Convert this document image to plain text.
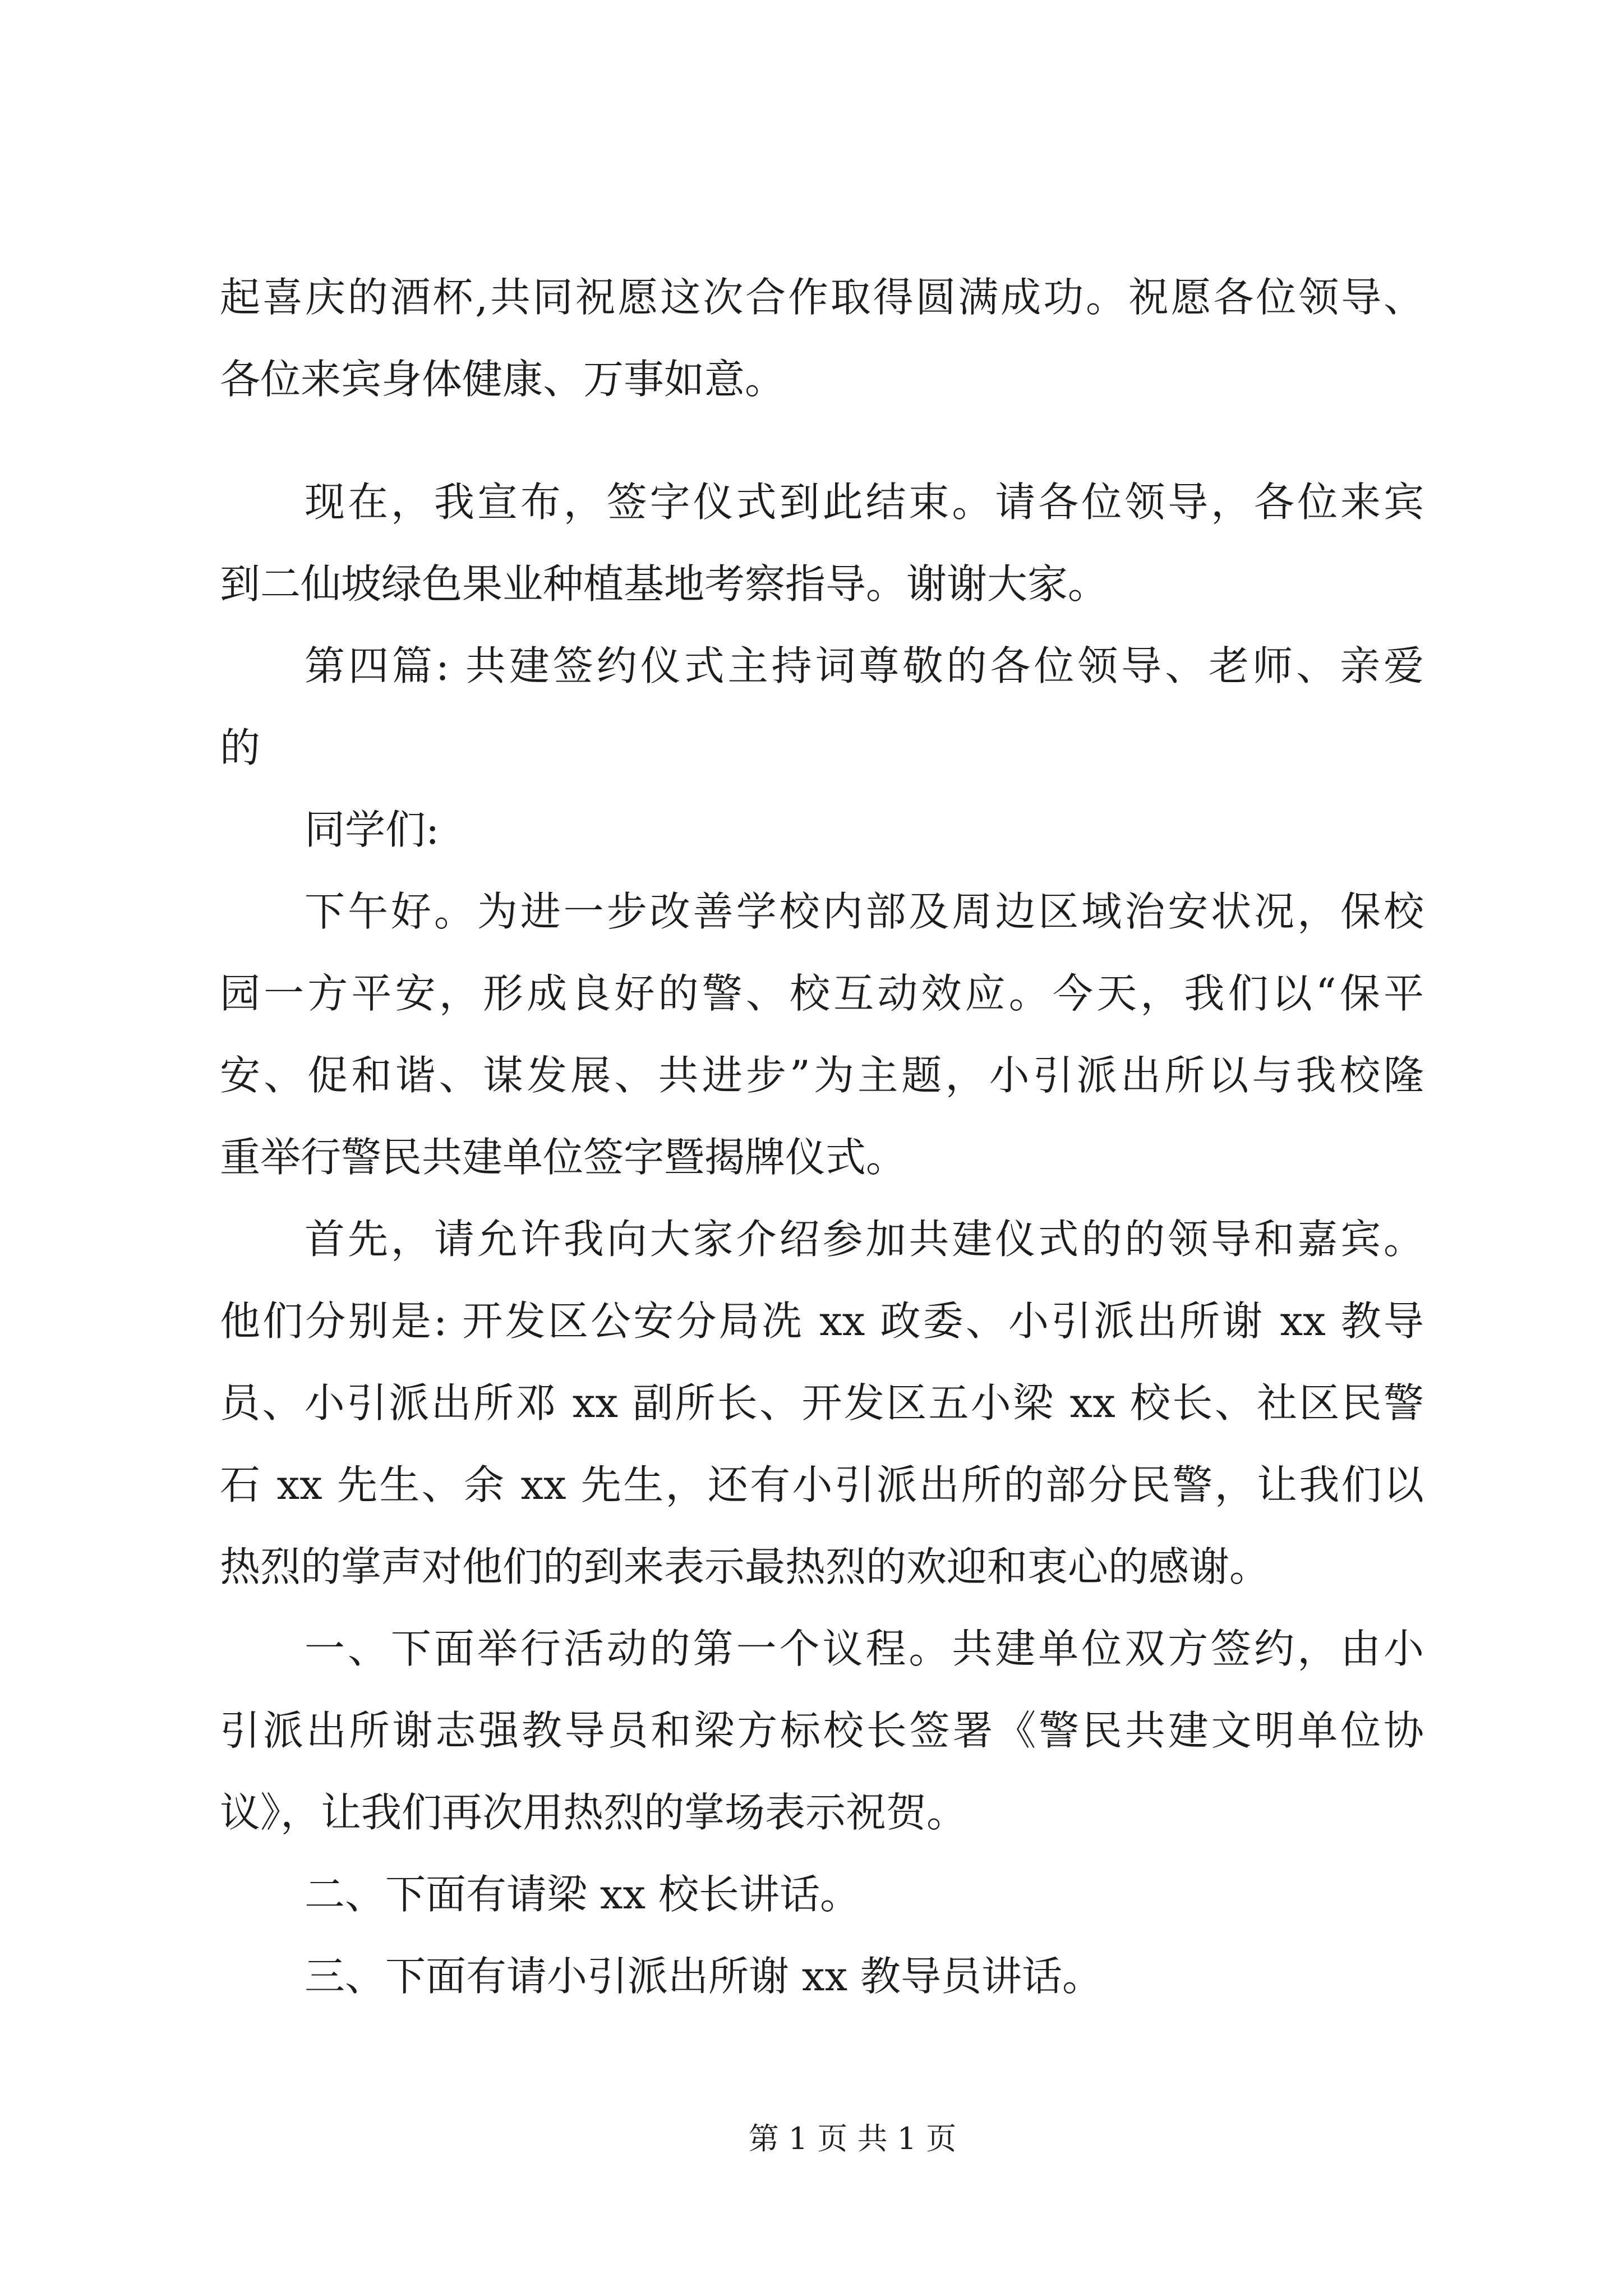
起喜庆的酒杯,共同祝愿这次合作取得圆满成功。祝愿各位领导、
各位来宾身体健康、万事如意。
现在，我宣布，签字仪式到此结束。请各位领导，各位来宾
到二仙坡绿色果业种植基地考察指导。谢谢大家。
第四篇: 共建签约仪式主持词尊敬的各位领导、老师、亲爱
的
同学们:
下午好。为进一步改善学校内部及周边区域治安状况，保校
园一方平安，形成良好的警、校互动效应。今天，我们以“保平
安、促和谐、谋发展、共进步”为主题，小引派出所以与我校隆
重举行警民共建单位签字暨揭牌仪式。
首先，请允许我向大家介绍参加共建仪式的的领导和嘉宾。
他们分别是: 开发区公安分局冼 xx 政委、小引派出所谢 xx 教导
员、小引派出所邓 xx 副所长、开发区五小梁 xx 校长、社区民警
石 xx 先生、余 xx 先生，还有小引派出所的部分民警，让我们以
热烈的掌声对他们的到来表示最热烈的欢迎和衷心的感谢。
一、下面举行活动的第一个议程。共建单位双方签约，由小
引派出所谢志强教导员和梁方标校长签署《警民共建文明单位协
议》，让我们再次用热烈的掌场表示祝贺。
二、下面有请梁 xx 校长讲话。
三、下面有请小引派出所谢 xx 教导员讲话。
第 1 页 共 1 页
